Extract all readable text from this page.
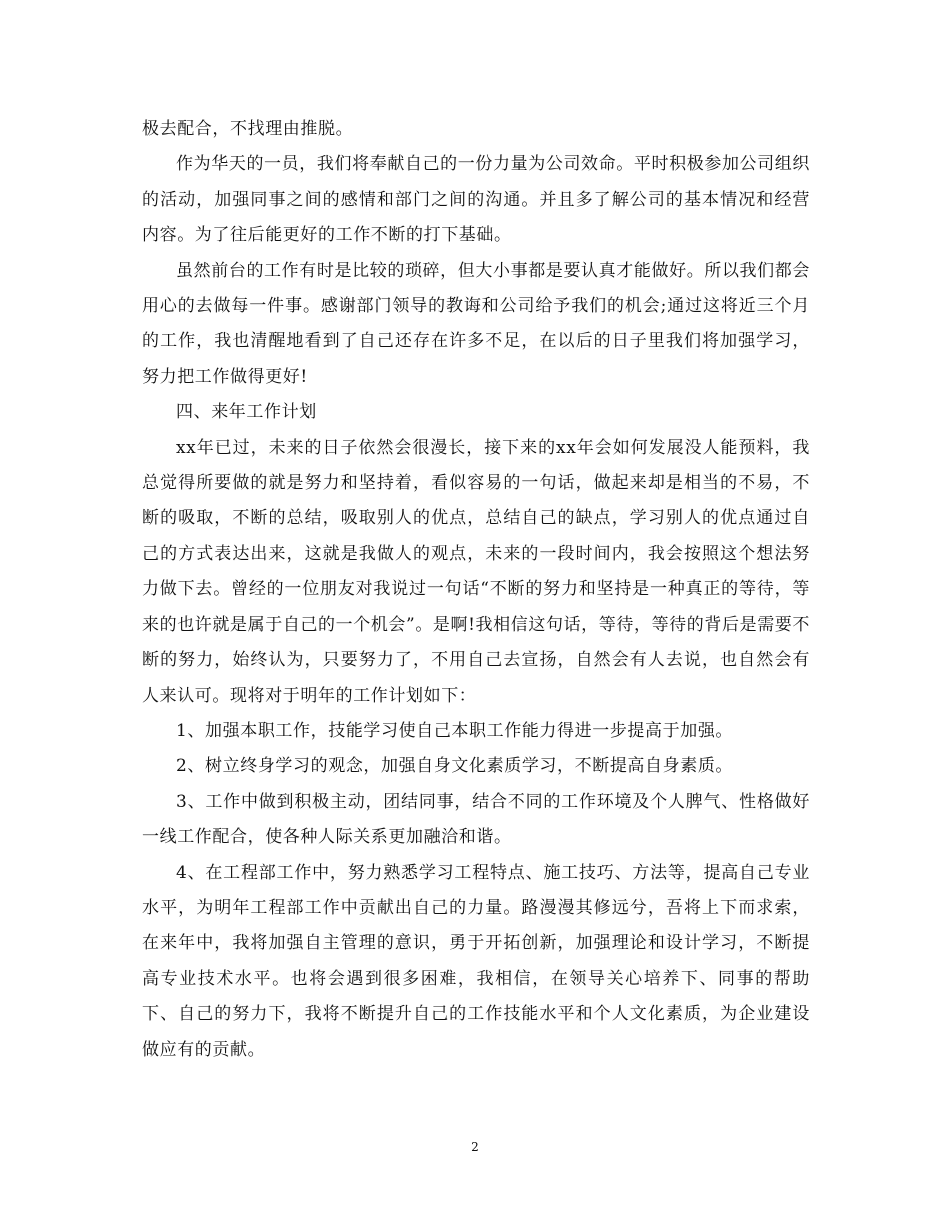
极去配合，不找理由推脱。

作为华天的一员，我们将奉献自己的一份力量为公司效命。平时积极参加公司组织的活动，加强同事之间的感情和部门之间的沟通。并且多了解公司的基本情况和经营内容。为了往后能更好的工作不断的打下基础。

虽然前台的工作有时是比较的琐碎，但大小事都是要认真才能做好。所以我们都会用心的去做每一件事。感谢部门领导的教诲和公司给予我们的机会;通过这将近三个月的工作，我也清醒地看到了自己还存在许多不足，在以后的日子里我们将加强学习，努力把工作做得更好!

四、来年工作计划

xx年已过，未来的日子依然会很漫长，接下来的xx年会如何发展没人能预料，我总觉得所要做的就是努力和坚持着，看似容易的一句话，做起来却是相当的不易，不断的吸取，不断的总结，吸取别人的优点，总结自己的缺点，学习别人的优点通过自己的方式表达出来，这就是我做人的观点，未来的一段时间内，我会按照这个想法努力做下去。曾经的一位朋友对我说过一句话“不断的努力和坚持是一种真正的等待，等来的也许就是属于自己的一个机会”。是啊!我相信这句话，等待，等待的背后是需要不断的努力，始终认为，只要努力了，不用自己去宣扬，自然会有人去说，也自然会有人来认可。现将对于明年的工作计划如下：

1、加强本职工作，技能学习使自己本职工作能力得进一步提高于加强。

2、树立终身学习的观念，加强自身文化素质学习，不断提高自身素质。

3、工作中做到积极主动，团结同事，结合不同的工作环境及个人脾气、性格做好一线工作配合，使各种人际关系更加融洽和谐。

4、在工程部工作中，努力熟悉学习工程特点、施工技巧、方法等，提高自己专业水平，为明年工程部工作中贡献出自己的力量。路漫漫其修远兮，吾将上下而求索，在来年中，我将加强自主管理的意识，勇于开拓创新，加强理论和设计学习，不断提高专业技术水平。也将会遇到很多困难，我相信，在领导关心培养下、同事的帮助下、自己的努力下，我将不断提升自己的工作技能水平和个人文化素质，为企业建设做应有的贡献。

2
